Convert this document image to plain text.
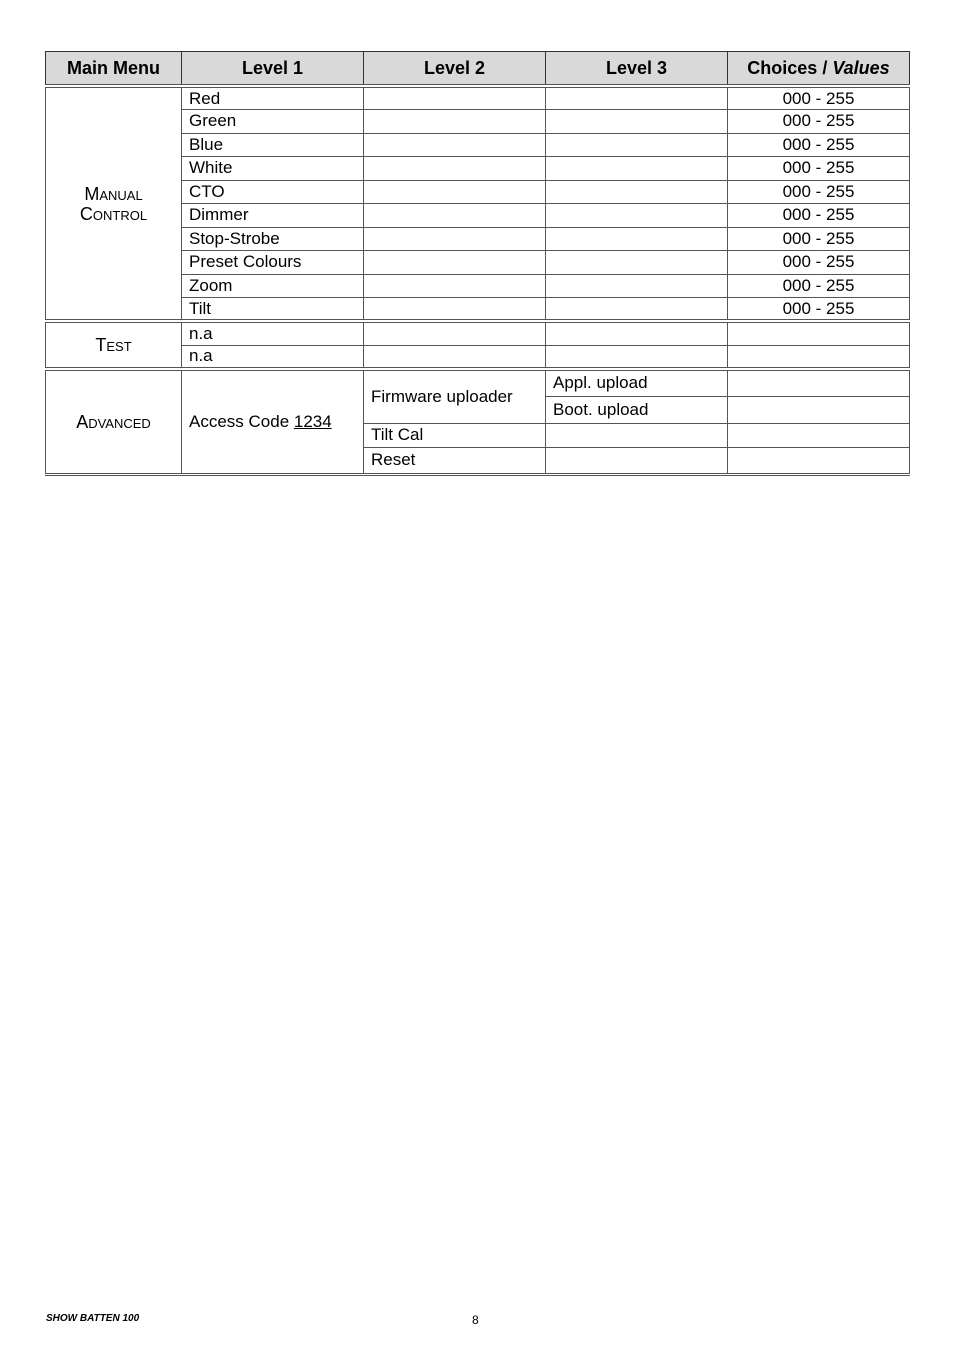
Main Menu	Level 1	Level 2	Level 3	Choices / Values
Manual
Control	Red			000 - 255
	Green			000 - 255
	Blue			000 - 255
	White			000 - 255
	CTO			000 - 255
	Dimmer			000 - 255
	Stop-Strobe			000 - 255
	Preset Colours			000 - 255
	Zoom			000 - 255
	Tilt			000 - 255
Test	n.a			
	n.a			
Advanced	Access Code 1234	Firmware uploader	Appl. upload	
			Boot. upload	
		Tilt Cal		
		Reset		
SHOW BATTEN 100	8
